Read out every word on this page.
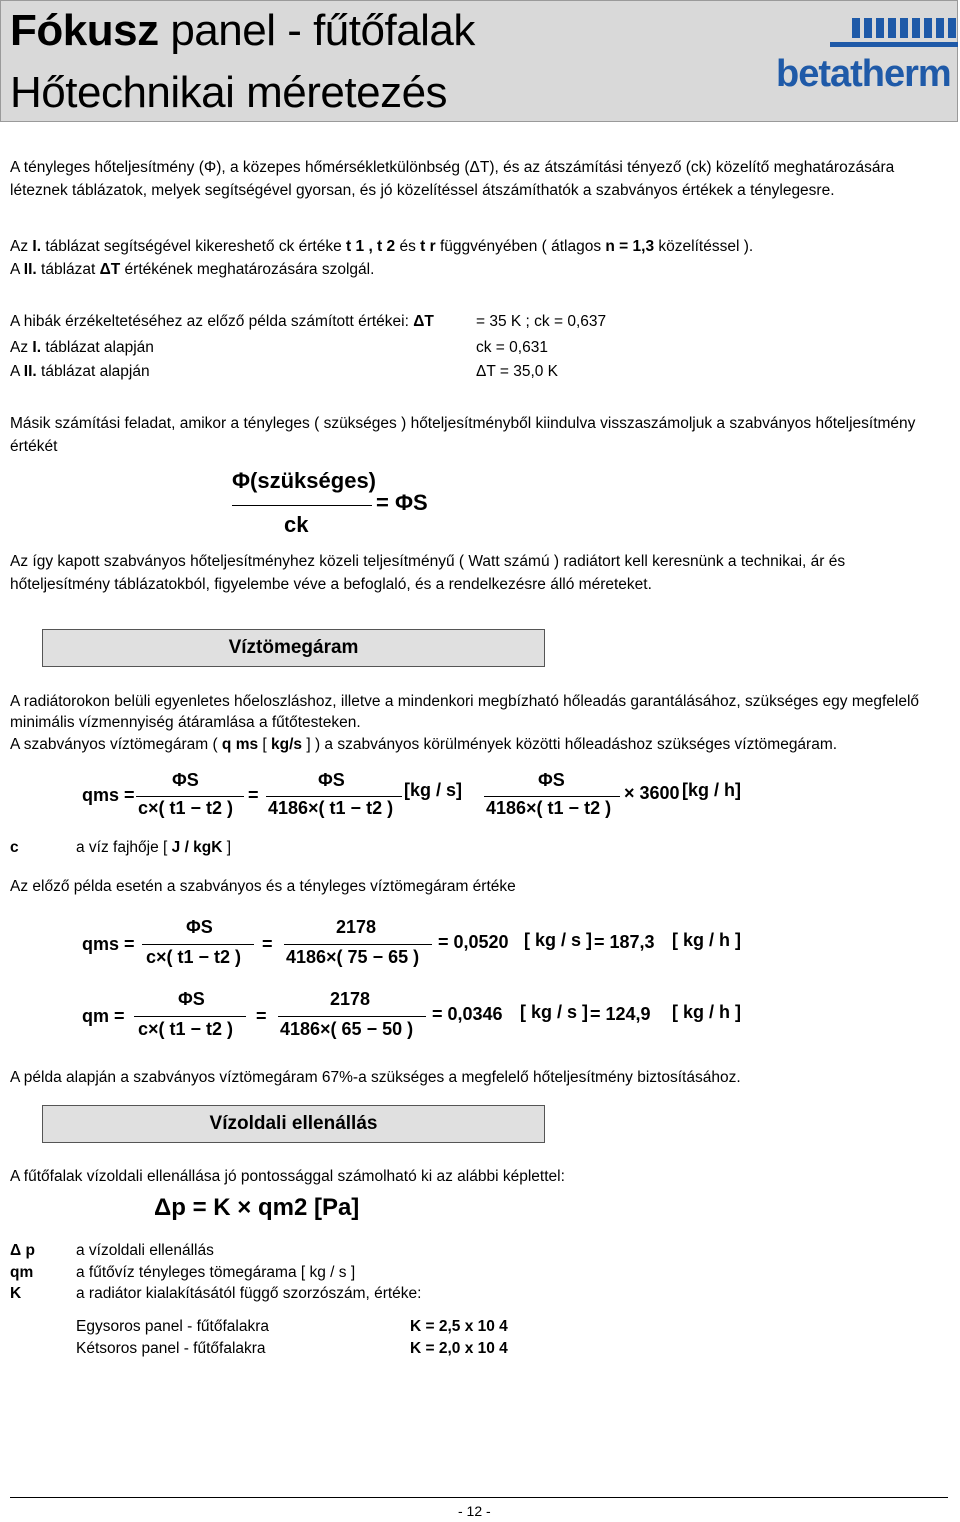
Fókusz panel - fűtőfalak
Hőtechnikai méretezés	betatherm
A tényleges hőteljesítmény (Φ), a közepes hőmérsékletkülönbség (ΔT), és az átszámítási tényező (ck) közelítő meghatározására
léteznek táblázatok, melyek segítségével gyorsan, és jó közelítéssel átszámíthatók a szabványos értékek a ténylegesre.
Az I. táblázat segítségével kikereshető ck értéke t 1 , t 2 és t r függvényében ( átlagos n = 1,3 közelítéssel ).
A II. táblázat ΔT értékének meghatározására szolgál.
A hibák érzékeltetéséhez az előző példa számított értékei: ΔT	= 35 K ; ck = 0,637
Az I. táblázat alapján	ck = 0,631
A II. táblázat alapján	ΔT = 35,0 K
Másik számítási feladat, amikor a tényleges ( szükséges ) hőteljesítményből kiindulva visszaszámoljuk a szabványos hőteljesítmény
értékét
Φ(szükséges)
ck
= ΦS
Az így kapott szabványos hőteljesítményhez közeli teljesítményű ( Watt számú ) radiátort kell keresnünk a technikai, ár és
hőteljesítmény táblázatokból, figyelembe véve a befoglaló, és a rendelkezésre álló méreteket.
Víztömegáram
A radiátorokon belüli egyenletes hőeloszláshoz, illetve a mindenkori megbízható hőleadás garantálásához, szükséges egy megfelelő
minimális vízmennyiség átáramlása a fűtőtesteken.
A szabványos víztömegáram ( q ms [ kg/s ] ) a szabványos körülmények közötti hőleadáshoz szükséges víztömegáram.
qms =
ΦS
c×( t1 − t2 )
=
ΦS
4186×( t1 − t2 )
[kg / s]	ΦS
4186×( t1 − t2 )
× 3600 [kg / h]
c	a víz fajhője [ J / kgK ]
Az előző példa esetén a szabványos és a tényleges víztömegáram értéke
qms =
ΦS
c×( t1 − t2 )
=
2178
4186×( 75 − 65 )
= 0,0520 [ kg / s ] = 187,3 [ kg / h ]
qm =
ΦS
c×( t1 − t2 )
=
2178
4186×( 65 − 50 )
= 0,0346 [ kg / s ] = 124,9 [ kg / h ]
A példa alapján a szabványos víztömegáram 67%-a szükséges a megfelelő hőteljesítmény biztosításához.
Vízoldali ellenállás
A fűtőfalak vízoldali ellenállása jó pontossággal számolható ki az alábbi képlettel:
Δp = K × qm2 [Pa]
Δ p	a vízoldali ellenállás
qm	a fűtővíz tényleges tömegárama [ kg / s ]
K	a radiátor kialakításától függő szorzószám, értéke:
Egysoros panel - fűtőfalakra	K = 2,5 x 10 4
Kétsoros panel - fűtőfalakra	K = 2,0 x 10 4
- 12 -
